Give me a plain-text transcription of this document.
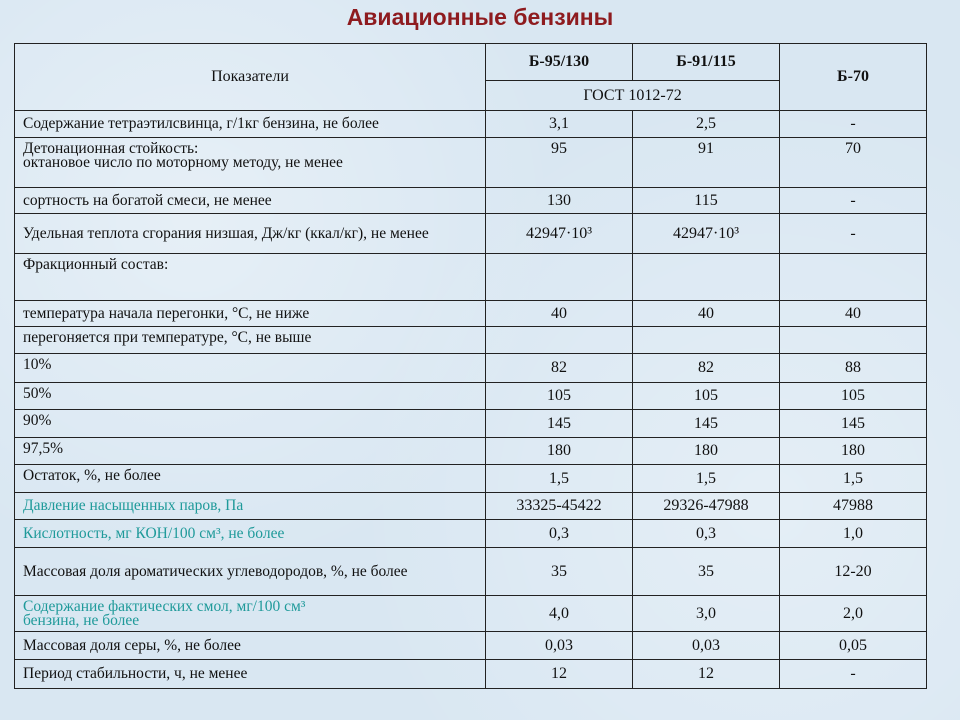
Авиационные бензины
Показатели	Б-95/130	Б-91/115	Б-70
	ГОСТ 1012-72		
Содержание тетраэтилсвинца, г/1кг бензина, не более	3,1	2,5	-
Детонационная стойкость:
октановое число по моторному методу, не менее	95	91	70
сортность на богатой смеси, не менее	130	115	-
Удельная теплота сгорания низшая, Дж/кг (ккал/кг), не менее	42947·10³	42947·10³	-
Фракционный состав:			
температура начала перегонки, °С, не ниже	40	40	40
перегоняется при температуре, °С, не выше			
10%	82	82	88
50%	105	105	105
90%	145	145	145
97,5%	180	180	180
Остаток, %, не более	1,5	1,5	1,5
Давление насыщенных паров, Па	33325-45422	29326-47988	47988
Кислотность, мг КОН/100 см³, не более	0,3	0,3	1,0
Массовая доля ароматических углеводородов, %, не более	35	35	12-20
Содержание фактических смол, мг/100 см³
бензина, не более	4,0	3,0	2,0
Массовая доля серы, %, не более	0,03	0,03	0,05
Период стабильности, ч, не менее	12	12	-
